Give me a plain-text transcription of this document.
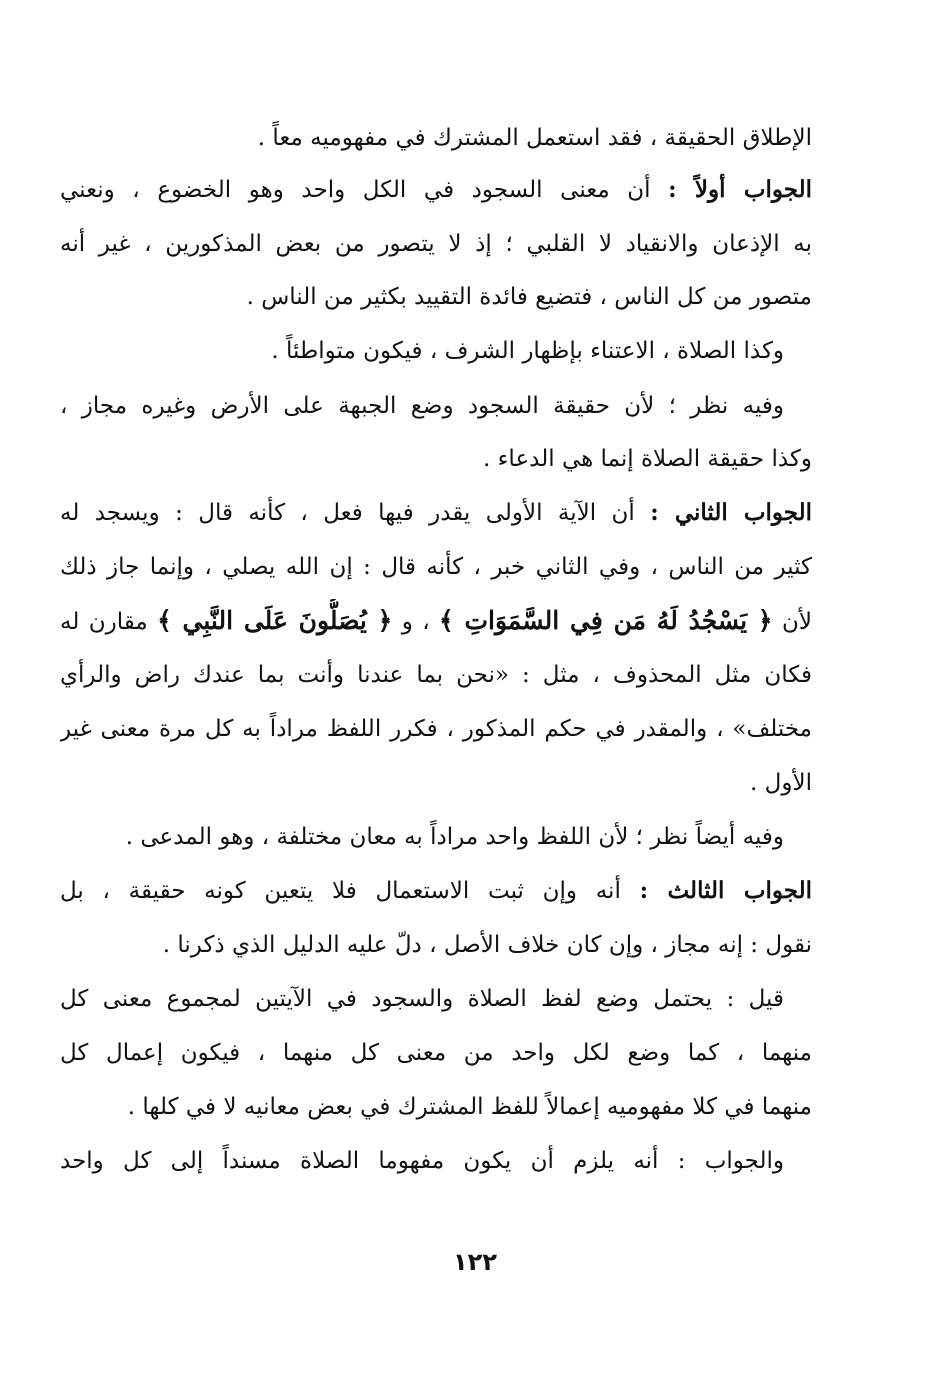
الإطلاق الحقيقة ، فقد استعمل المشترك في مفهوميه معاً .
الجواب أولاً : أن معنى السجود في الكل واحد وهو الخضوع ، ونعني
به الإذعان والانقياد لا القلبي ؛ إذ لا يتصور من بعض المذكورين ، غير أنه
متصور من كل الناس ، فتضيع فائدة التقييد بكثير من الناس .
وكذا الصلاة ، الاعتناء بإظهار الشرف ، فيكون متواطئاً .
وفيه نظر ؛ لأن حقيقة السجود وضع الجبهة على الأرض وغيره مجاز ،
وكذا حقيقة الصلاة إنما هي الدعاء .
الجواب الثاني : أن الآية الأولى يقدر فيها فعل ، كأنه قال : ويسجد له
كثير من الناس ، وفي الثاني خبر ، كأنه قال : إن الله يصلي ، وإنما جاز ذلك
لأن ﴿ يَسْجُدُ لَهُ مَن فِي السَّمَوَاتِ ﴾ ، و ﴿ يُصَلُّونَ عَلَى النَّبِي ﴾ مقارن له
فكان مثل المحذوف ، مثل : «نحن بما عندنا وأنت بما عندك راض والرأي
مختلف» ، والمقدر في حكم المذكور ، فكرر اللفظ مراداً به كل مرة معنى غير
الأول .
وفيه أيضاً نظر ؛ لأن اللفظ واحد مراداً به معان مختلفة ، وهو المدعى .
الجواب الثالث : أنه وإن ثبت الاستعمال فلا يتعين كونه حقيقة ، بل
نقول : إنه مجاز ، وإن كان خلاف الأصل ، دلّ عليه الدليل الذي ذكرنا .
قيل : يحتمل وضع لفظ الصلاة والسجود في الآيتين لمجموع معنى كل
منهما ، كما وضع لكل واحد من معنى كل منهما ، فيكون إعمال كل
منهما في كلا مفهوميه إعمالاً للفظ المشترك في بعض معانيه لا في كلها .
والجواب : أنه يلزم أن يكون مفهوما الصلاة مسنداً إلى كل واحد
١٢٢
